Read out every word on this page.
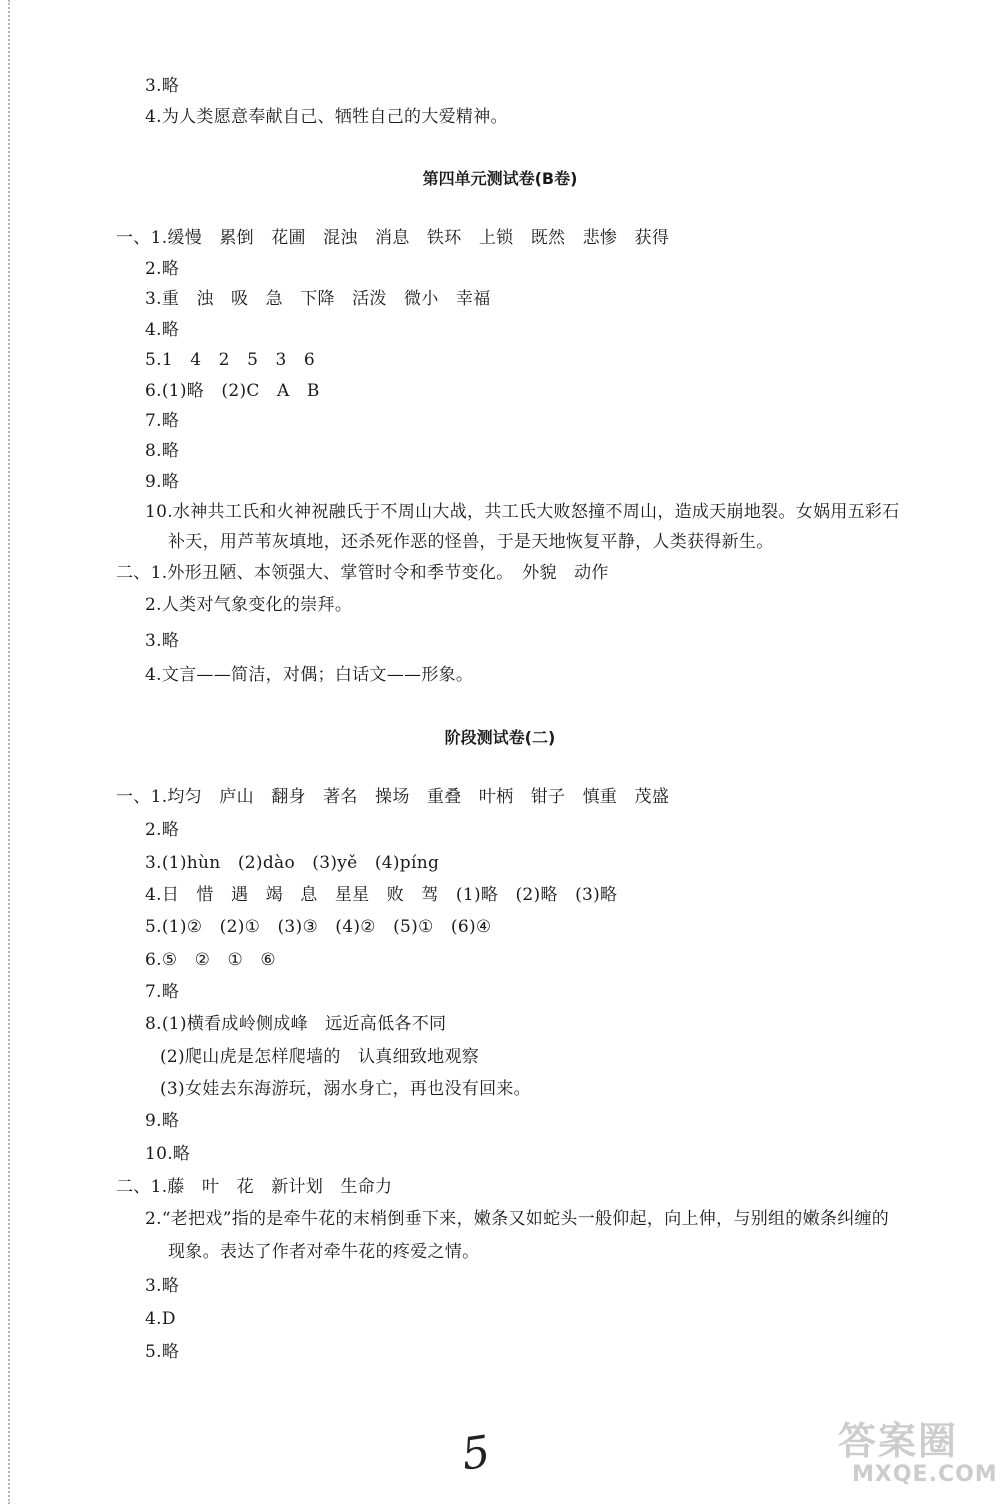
3.略
4.为人类愿意奉献自己、牺牲自己的大爱精神。
第四单元测试卷(B卷)
一、1.缓慢　累倒　花圃　混浊　消息　铁环　上锁　既然　悲惨　获得
2.略
3.重　浊　吸　急　下降　活泼　微小　幸福
4.略
5.1　4　2　5　3　6
6.(1)略　(2)C　A　B
7.略
8.略
9.略
10.水神共工氏和火神祝融氏于不周山大战，共工氏大败怒撞不周山，造成天崩地裂。女娲用五彩石
补天，用芦苇灰填地，还杀死作恶的怪兽，于是天地恢复平静，人类获得新生。
二、1.外形丑陋、本领强大、掌管时令和季节变化。　外貌　动作
2.人类对气象变化的崇拜。
3.略
4.文言——简洁，对偶；白话文——形象。
阶段测试卷(二)
一、1.均匀　庐山　翻身　著名　操场　重叠　叶柄　钳子　慎重　茂盛
2.略
3.(1)hùn　(2)dào　(3)yě　(4)píng
4.日　惜　遇　竭　息　星星　败　驾　(1)略　(2)略　(3)略
5.(1)②　(2)①　(3)③　(4)②　(5)①　(6)④
6.⑤　②　①　⑥
7.略
8.(1)横看成岭侧成峰　远近高低各不同
(2)爬山虎是怎样爬墙的　认真细致地观察
(3)女娃去东海游玩，溺水身亡，再也没有回来。
9.略
10.略
二、1.藤　叶　花　新计划　生命力
2.“老把戏”指的是牵牛花的末梢倒垂下来，嫩条又如蛇头一般仰起，向上伸，与别组的嫩条纠缠的
现象。表达了作者对牵牛花的疼爱之情。
3.略
4.D
5.略
5	答案圈
MXQE.COM
